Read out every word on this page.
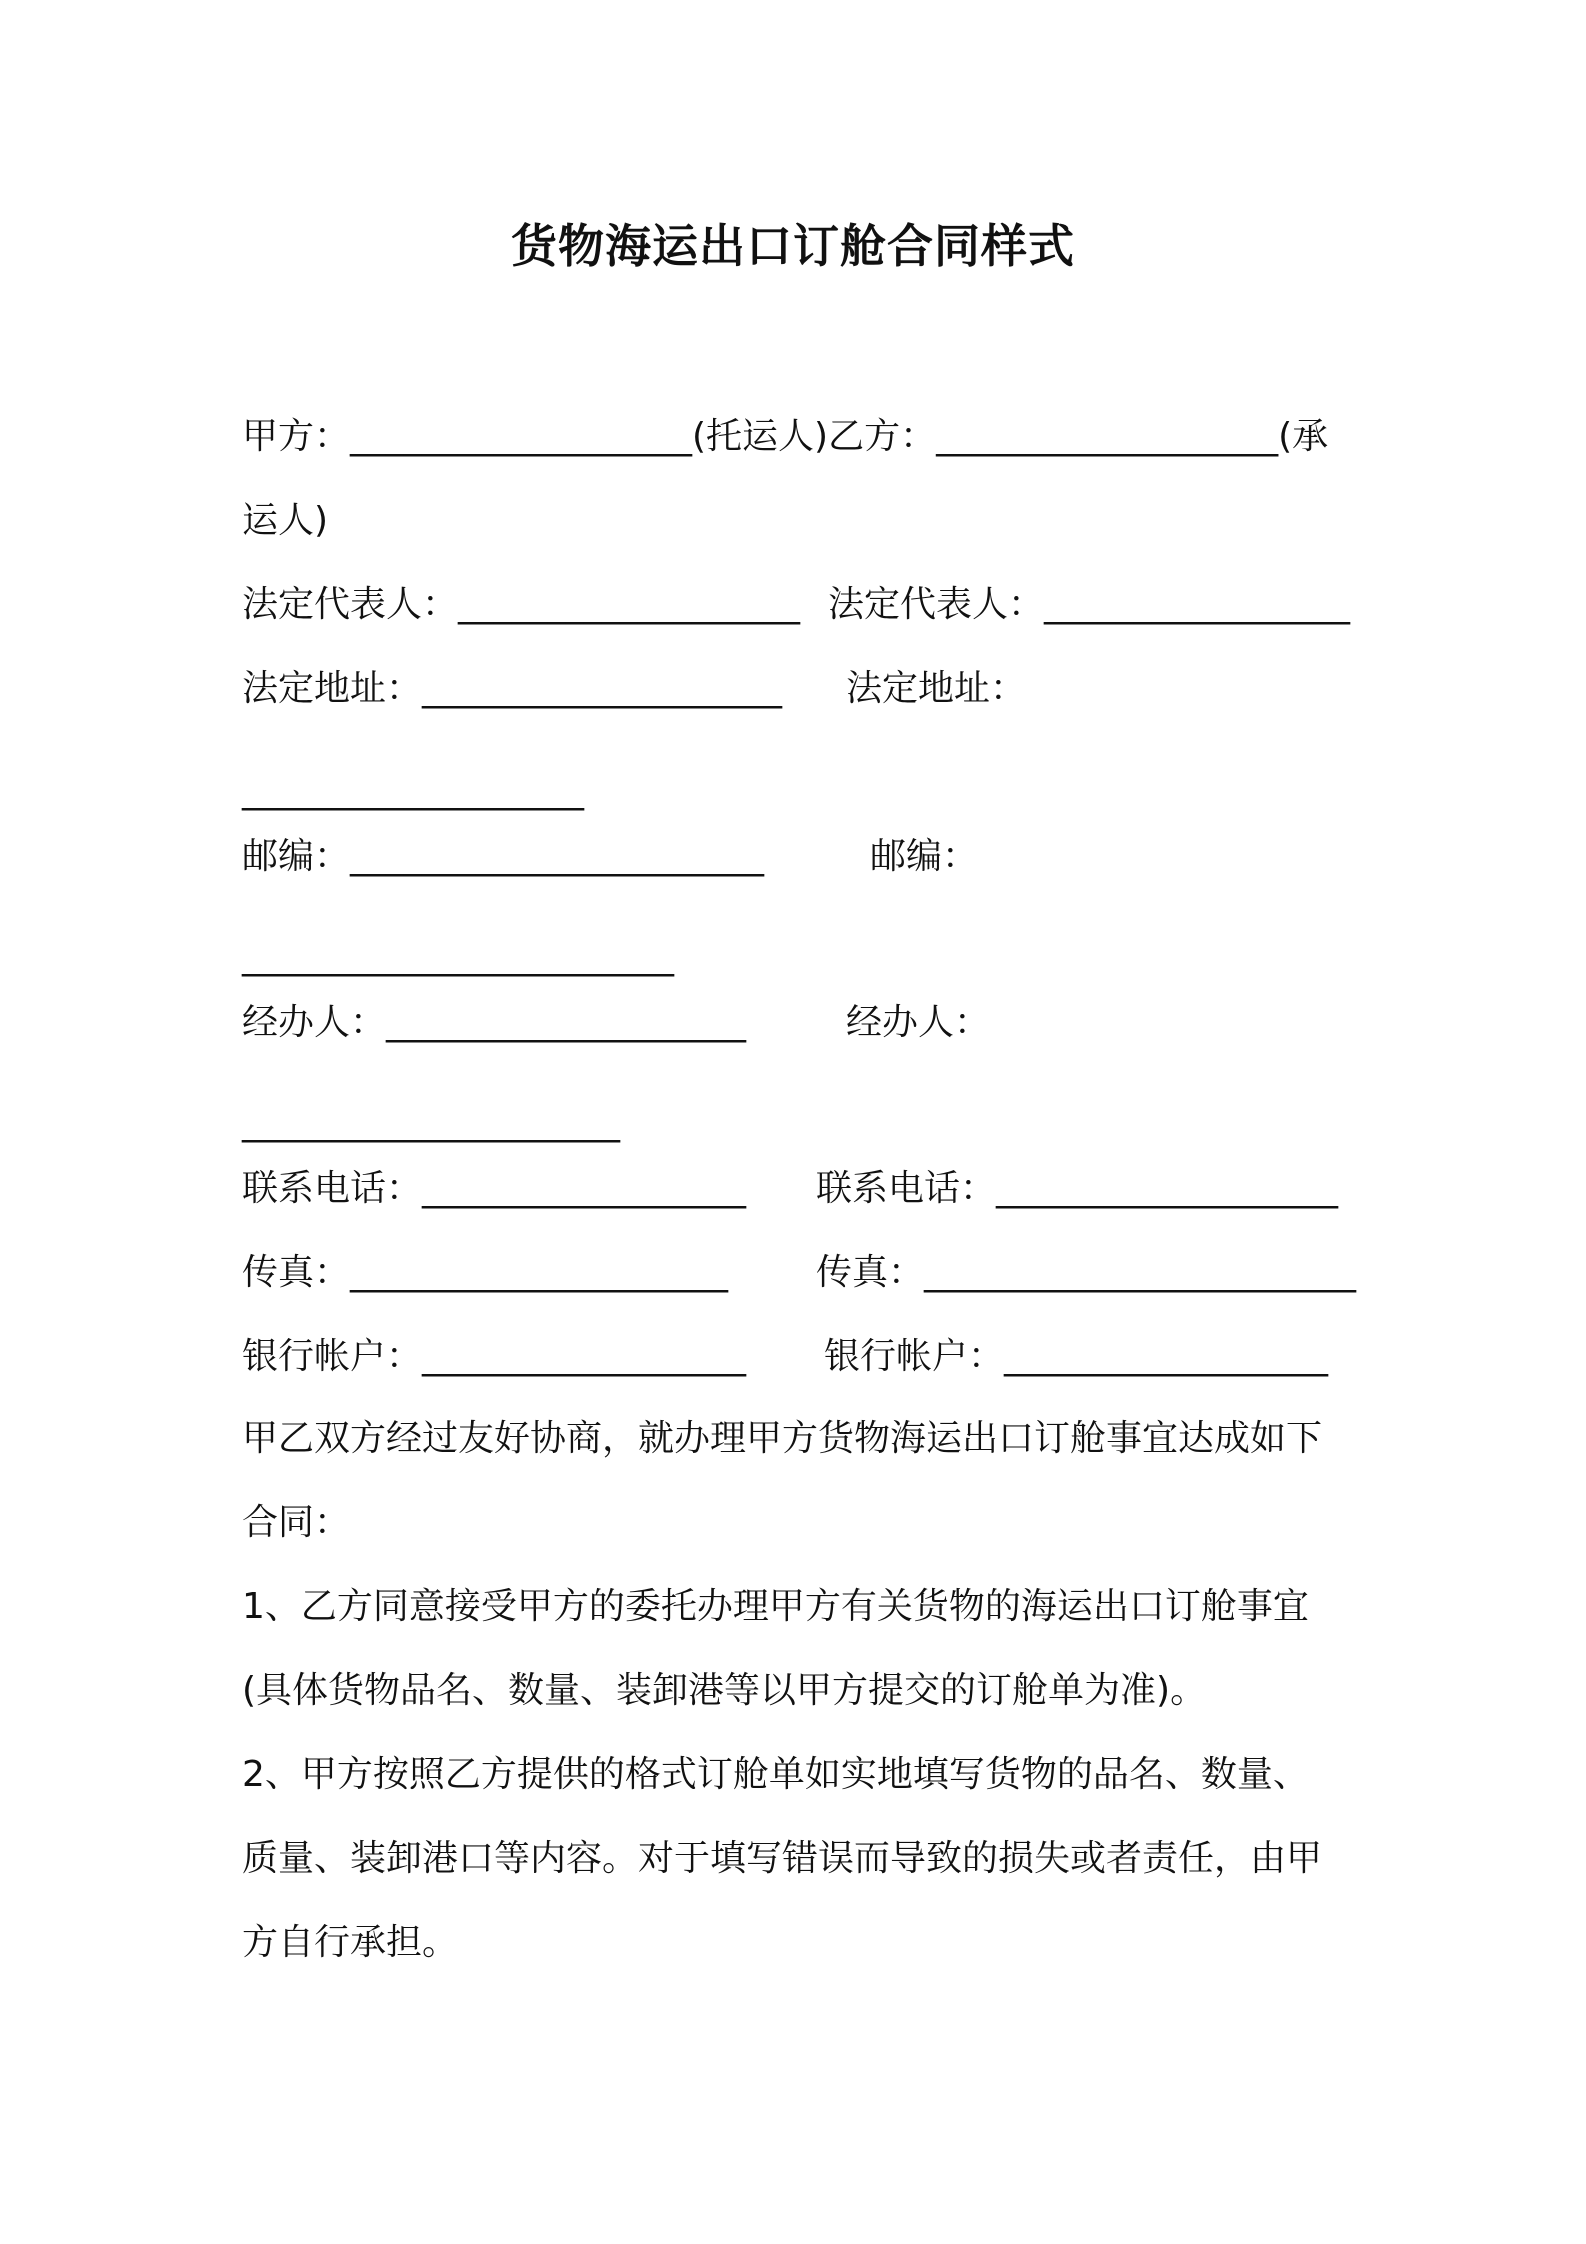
货物海运出口订舱合同样式
甲方：___________________(托运人)乙方：___________________(承
运人)
法定代表人：___________________ 法定代表人：_________________
法定地址：____________________ 法定地址：
___________________
邮编：_______________________	邮编：
________________________
经办人：____________________	经办人：
_____________________
联系电话：__________________ 联系电话：___________________
传真：_____________________ 传真：________________________
银行帐户：__________________ 银行帐户：__________________
甲乙双方经过友好协商，就办理甲方货物海运出口订舱事宜达成如下
合同：
1、乙方同意接受甲方的委托办理甲方有关货物的海运出口订舱事宜
(具体货物品名、数量、装卸港等以甲方提交的订舱单为准)。
2、甲方按照乙方提供的格式订舱单如实地填写货物的品名、数量、
质量、装卸港口等内容。对于填写错误而导致的损失或者责任，由甲
方自行承担。
